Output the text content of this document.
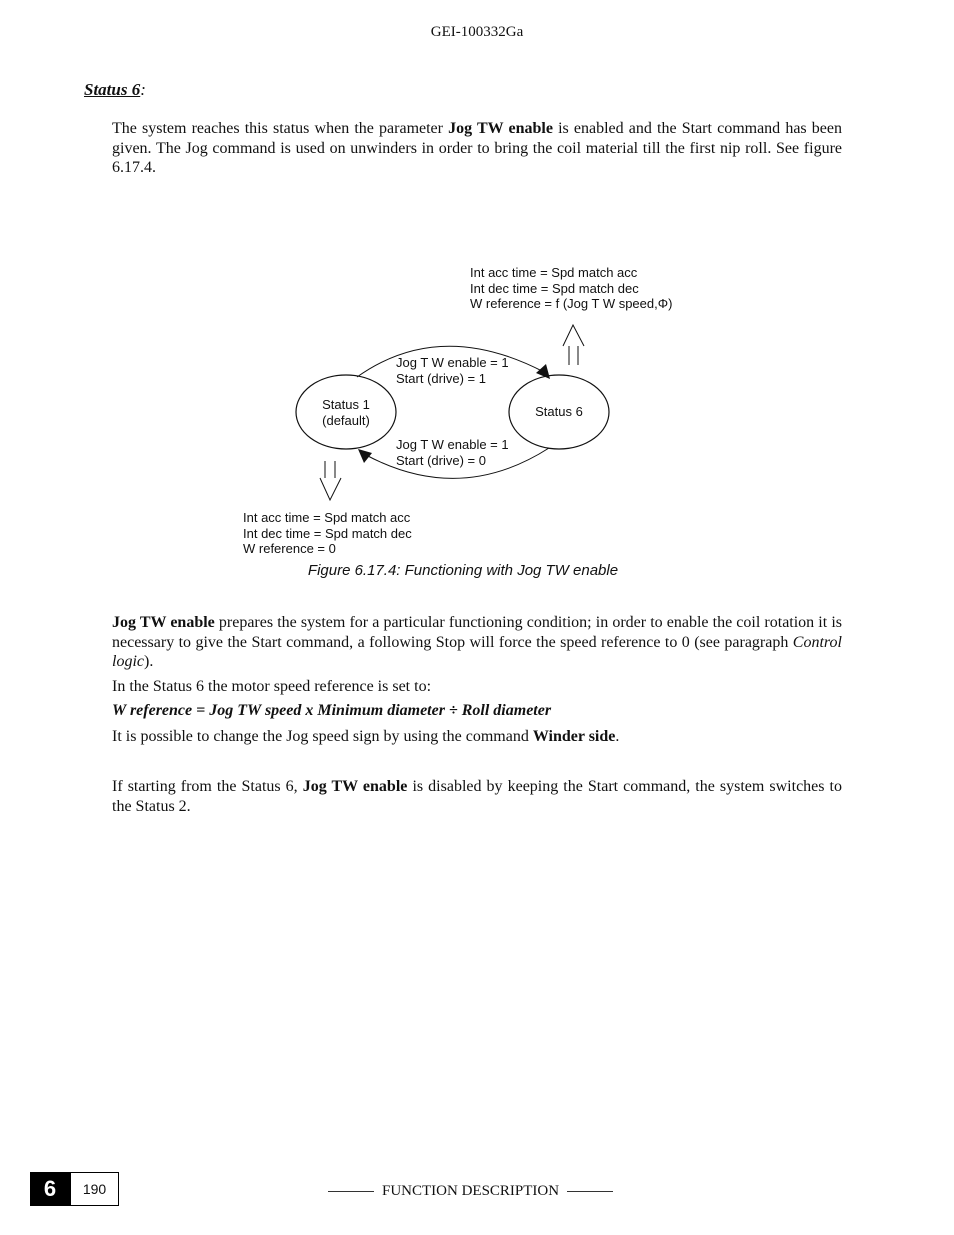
GEI-100332Ga
Status 6:
The system reaches this status when the parameter Jog TW enable is enabled and the Start command has been given. The Jog command is used on unwinders in order to bring the coil material till the first nip roll. See figure 6.17.4.
Int acc time = Spd match acc
Int dec time = Spd match dec
W reference = f (Jog T W speed,Φ)
Jog T W enable = 1
Start (drive) = 1
Status 1
(default)
Status 6
Jog T W enable = 1
Start (drive) = 0
Int acc time = Spd match acc
Int dec time = Spd match dec
W reference = 0
Figure 6.17.4: Functioning with Jog TW enable
Jog TW enable prepares the system for a particular functioning condition; in order to enable the coil rotation it is necessary to give the Start command, a following Stop will force the speed reference to 0 (see paragraph Control logic).
In the Status 6 the motor speed reference is set to:
W reference = Jog TW speed x Minimum diameter ÷ Roll diameter
It is possible to change the Jog speed sign by using the command Winder side.
If starting from the Status 6, Jog TW enable is disabled by keeping the Start command, the system switches to the Status 2.
6	190	FUNCTION DESCRIPTION
